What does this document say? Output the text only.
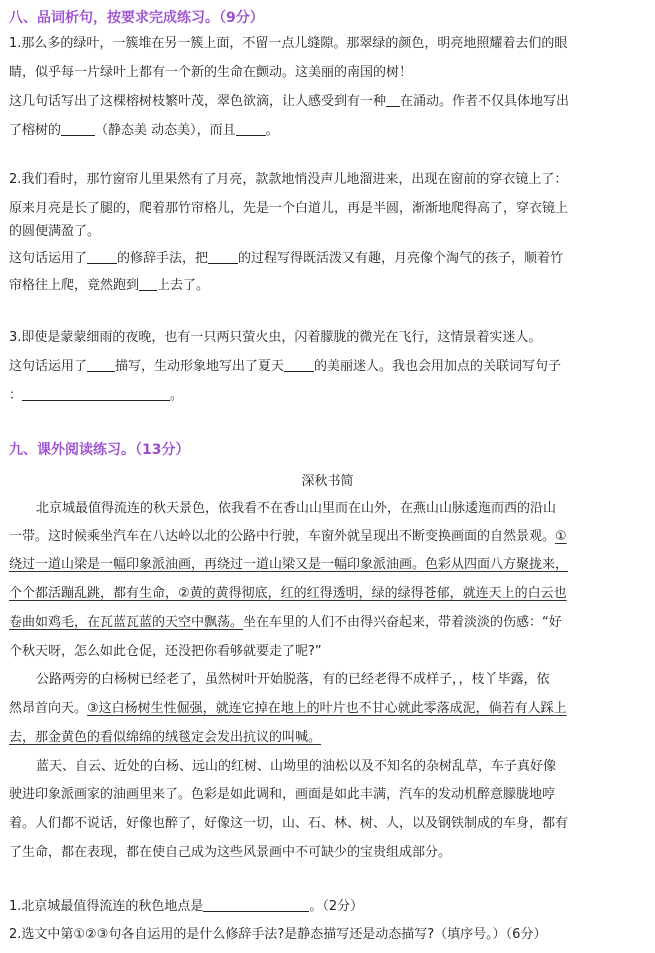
八、品词析句，按要求完成练习。（9分）
1.那么多的绿叶，一簇堆在另一簇上面，不留一点儿缝隙。那翠绿的颜色，明亮地照耀着去们的眼
睛，似乎每一片绿叶上都有一个新的生命在颤动。这美丽的南国的树！
这几句话写出了这棵榕树枝繁叶茂，翠色欲滴，让人感受到有一种 在涌动。作者不仅具体地写出
了榕树的	（静态美 动态美），而且 。
2.我们看时，那竹窗帘儿里果然有了月亮，款款地悄没声儿地溜进来，出现在窗前的穿衣镜上了：
原来月亮是长了腿的，爬着那竹帘格儿，先是一个白道儿，再是半圆，渐渐地爬得高了，穿衣镜上
的圆便满盈了。
这句话运用了 的修辞手法，把 的过程写得既活泼又有趣，月亮像个淘气的孩子，顺着竹
帘格往上爬，竟然跑到 上去了。
3.即使是蒙蒙细雨的夜晚，也有一只两只萤火虫，闪着朦胧的微光在飞行，这情景着实迷人。
这句话运用了 描写，生动形象地写出了夏天 的美丽迷人。我也会用加点的关联词写句子
：	。
九、课外阅读练习。（13分）
深秋书简
北京城最值得流连的秋天景色，依我看不在香山山里而在山外，在燕山山脉逶迤而西的沿山
一带。这时候乘坐汽车在八达岭以北的公路中行驶，车窗外就呈现出不断变换画面的自然景观。①
绕过一道山梁是一幅印象派油画，再绕过一道山梁又是一幅印象派油画。色彩从四面八方聚拢来，
个个都活蹦乱跳，都有生命，②黄的黄得彻底，红的红得透明，绿的绿得苍郁，就连天上的白云也
卷曲如鸡毛，在瓦蓝瓦蓝的天空中飘荡。坐在车里的人们不由得兴奋起来，带着淡淡的伤感：“好
个秋天呀，怎么如此仓促，还没把你看够就要走了呢?”
公路两旁的白杨树已经老了，虽然树叶开始脱落，有的已经老得不成样子，，枝丫毕露，依
然昂首向天。③这白杨树生性倔强，就连它掉在地上的叶片也不甘心就此零落成泥，倘若有人踩上
去，那金黄色的看似绵绵的绒毯定会发出抗议的叫喊。
蓝天、自云、近处的白杨、远山的红树、山坳里的油松以及不知名的杂树乱草，车子真好像
驶进印象派画家的油画里来了。色彩是如此调和，画面是如此丰满，汽车的发动机醉意朦胧地哼
着。人们都不说话，好像也醉了，好像这一切，山、石、林、树、人，以及钢铁制成的车身，都有
了生命，都在表现，都在使自己成为这些风景画中不可缺少的宝贵组成部分。
1.北京城最值得流连的秋色地点是	。（2分）
2.选文中第①②③句各自运用的是什么修辞手法?是静态描写还是动态描写?（填序号。）（6分）
